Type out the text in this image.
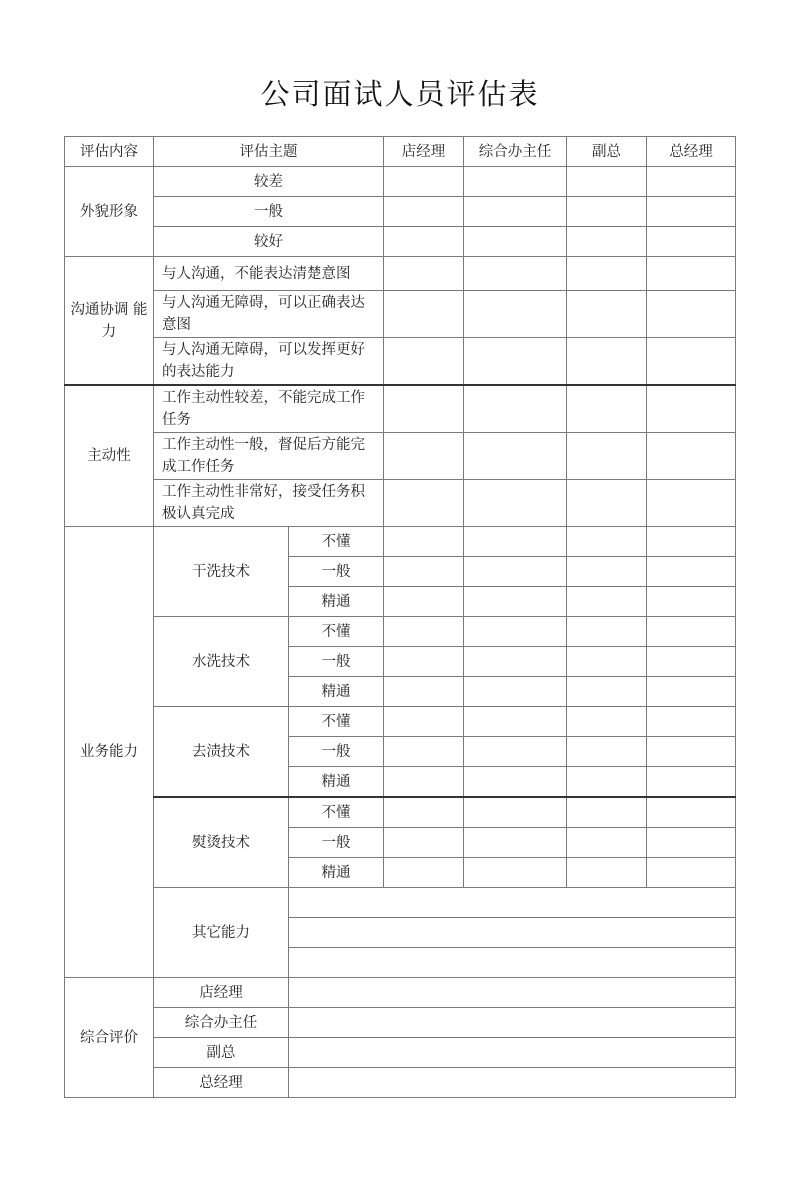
公司面试人员评估表
评估内容	评估主题		店经理	综合办主任	副总	总经理
外貌形象	较差					
	一般					
	较好					
沟通协调 能力	与人沟通，不能表达清楚意图					
	与人沟通无障碍，可以正确表达意图					
	与人沟通无障碍，可以发挥更好的表达能力					
主动性	工作主动性较差，不能完成工作任务					
	工作主动性一般，督促后方能完成工作任务					
	工作主动性非常好，接受任务积极认真完成					
业务能力	干洗技术	不懂				
		一般				
		精通				
	水洗技术	不懂				
		一般				
		精通				
	去渍技术	不懂				
		一般				
		精通				
	熨烫技术	不懂				
		一般				
		精通				
	其它能力					

综合评价	店经理					
	综合办主任					
	副总					
	总经理					
